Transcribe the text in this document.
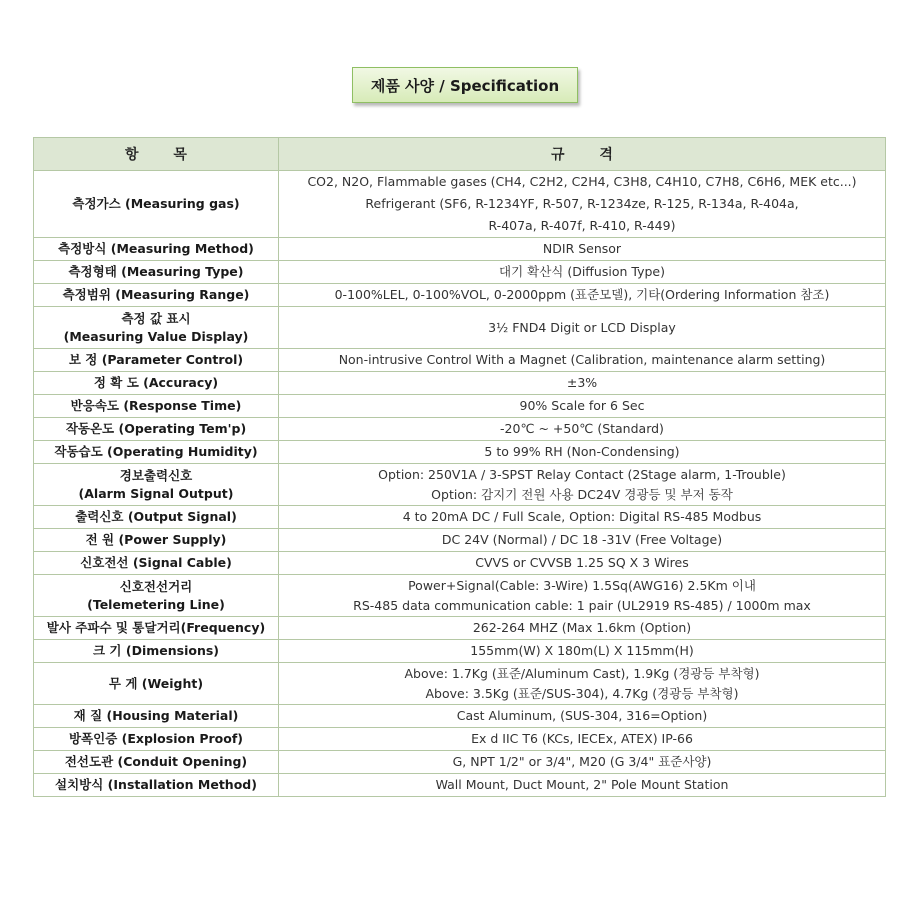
제품 사양 / Specification
항 목	규 격

측정가스 (Measuring gas)	CO2, N2O, Flammable gases (CH4, C2H2, C2H4, C3H8, C4H10, C7H8, C6H6, MEK etc...)
Refrigerant (SF6, R-1234YF, R-507, R-1234ze, R-125, R-134a, R-404a,
R-407a, R-407f, R-410, R-449)

측정방식 (Measuring Method)	NDIR Sensor

측정형태 (Measuring Type)	대기 확산식 (Diffusion Type)

측정범위 (Measuring Range)	0-100%LEL, 0-100%VOL, 0-2000ppm (표준모델), 기타(Ordering Information 참조)

측정 값 표시
(Measuring Value Display)	3½ FND4 Digit or LCD Display

보 정 (Parameter Control)	Non-intrusive Control With a Magnet (Calibration, maintenance alarm setting)

정 확 도 (Accuracy)	±3%

반응속도 (Response Time)	90% Scale for 6 Sec

작동온도 (Operating Tem'p)	-20℃ ~ +50℃ (Standard)

작동습도 (Operating Humidity)	5 to 99% RH (Non-Condensing)

경보출력신호
(Alarm Signal Output)	Option: 250V1A / 3-SPST Relay Contact (2Stage alarm, 1-Trouble)
Option: 감지기 전원 사용 DC24V 경광등 및 부저 동작

출력신호 (Output Signal)	4 to 20mA DC / Full Scale, Option: Digital RS-485 Modbus

전 원 (Power Supply)	DC 24V (Normal) / DC 18 -31V (Free Voltage)

신호전선 (Signal Cable)	CVVS or CVVSB 1.25 SQ X 3 Wires

신호전선거리
(Telemetering Line)	Power+Signal(Cable: 3-Wire) 1.5Sq(AWG16) 2.5Km 이내
RS-485 data communication cable: 1 pair (UL2919 RS-485) / 1000m max

발사 주파수 및 통달거리(Frequency)	262-264 MHZ (Max 1.6km (Option)

크 기 (Dimensions)	155mm(W) X 180m(L) X 115mm(H)

무 게 (Weight)	Above: 1.7Kg (표준/Aluminum Cast), 1.9Kg (경광등 부착형)
Above: 3.5Kg (표준/SUS-304), 4.7Kg (경광등 부착형)

재 질 (Housing Material)	Cast Aluminum, (SUS-304, 316=Option)

방폭인증 (Explosion Proof)	Ex d IIC T6 (KCs, IECEx, ATEX) IP-66

전선도관 (Conduit Opening)	G, NPT 1/2" or 3/4", M20 (G 3/4" 표준사양)

설치방식 (Installation Method)	Wall Mount, Duct Mount, 2" Pole Mount Station
